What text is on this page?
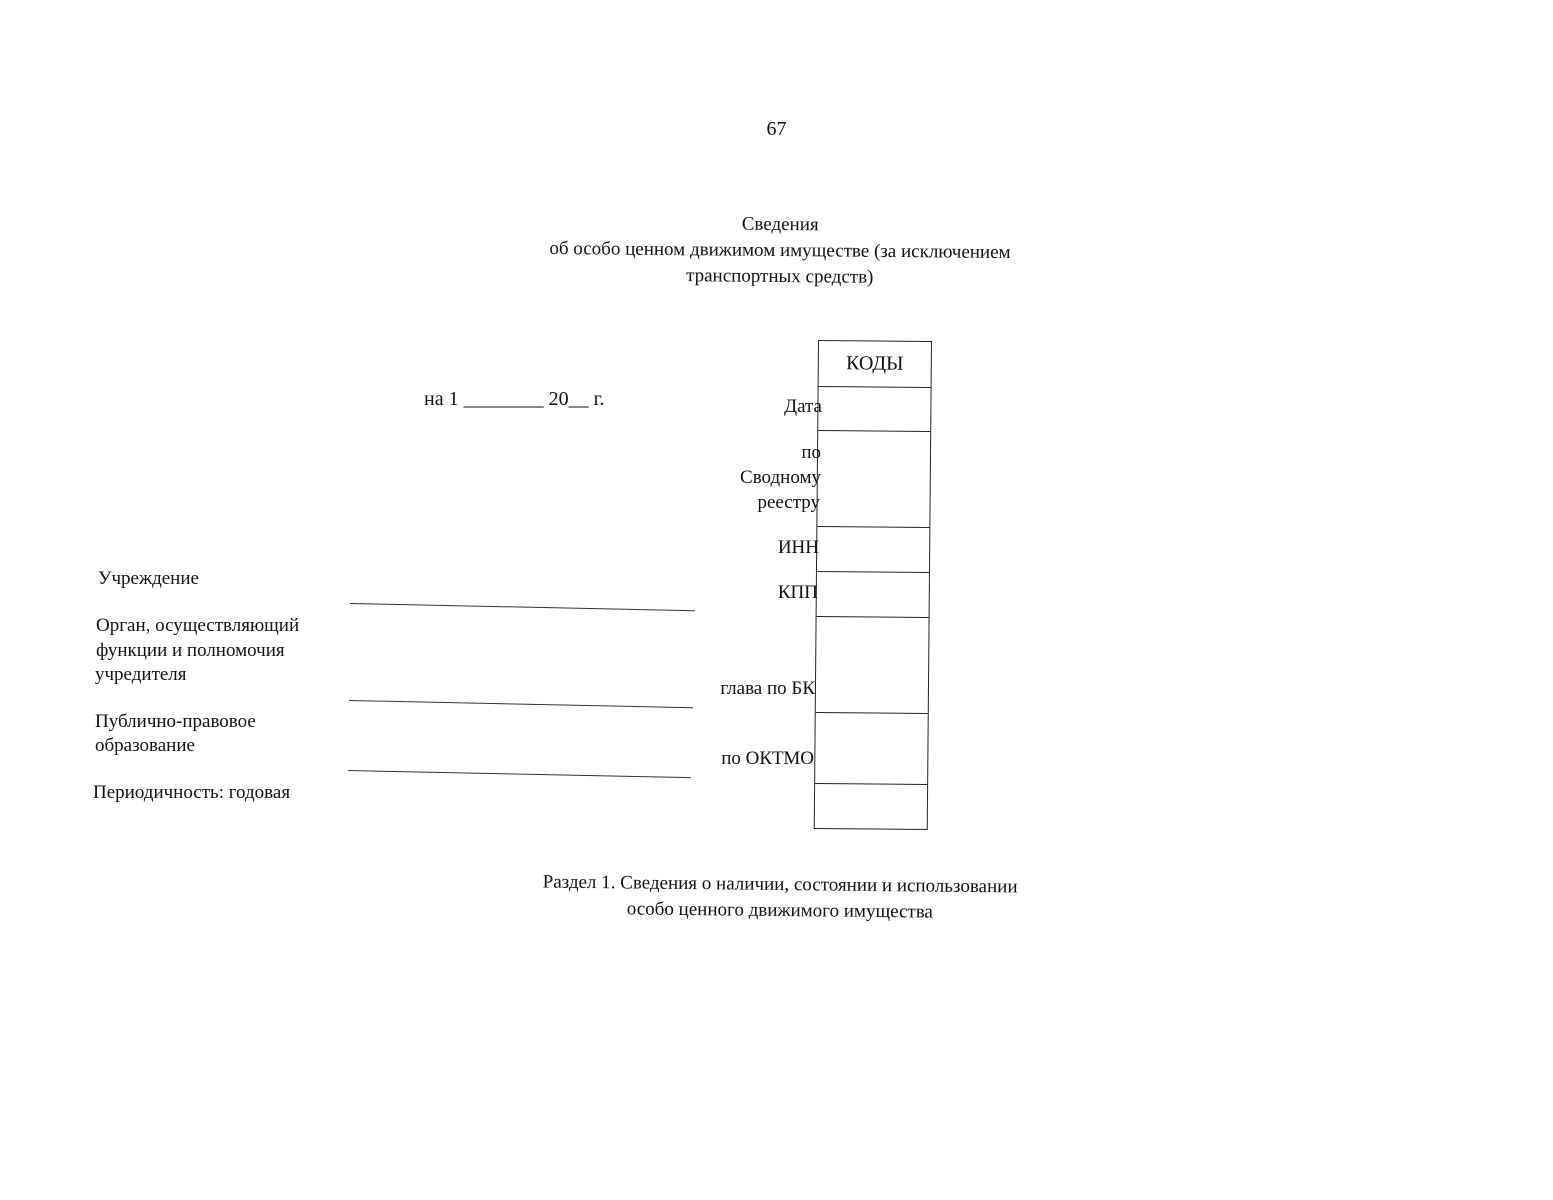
67
Сведения
об особо ценном движимом имуществе (за исключением
транспортных средств)
на 1 ________ 20__ г.
КОДЫ
Дата
по
Сводному
реестру
ИНН
КПП
глава по БК
по ОКТМО
Учреждение
Орган, осуществляющий
функции и полномочия
учредителя
Публично-правовое
образование
Периодичность: годовая
Раздел 1. Сведения о наличии, состоянии и использовании
особо ценного движимого имущества
